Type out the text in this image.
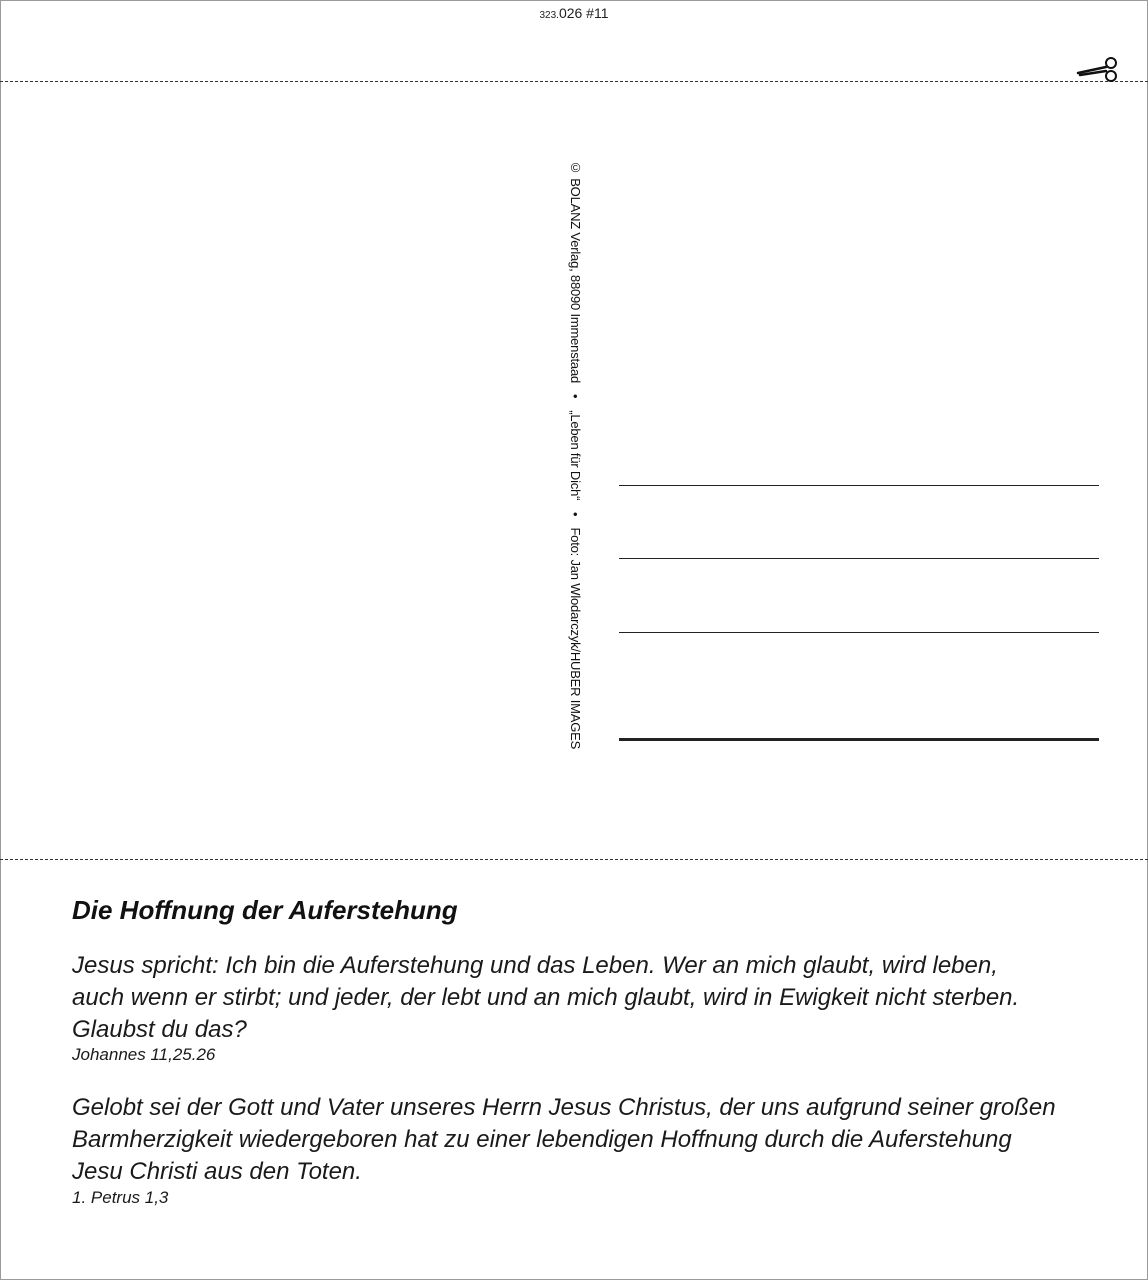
323.026 #11
© BOLANZ Verlag, 88090 Immenstaad • „Leben für Dich“ • Foto: Jan Wlodarczyk/HUBER IMAGES
Die Hoffnung der Auferstehung
Jesus spricht: Ich bin die Auferstehung und das Leben. Wer an mich glaubt, wird leben,
auch wenn er stirbt; und jeder, der lebt und an mich glaubt, wird in Ewigkeit nicht sterben.
Glaubst du das?

Johannes 11,25.26

Gelobt sei der Gott und Vater unseres Herrn Jesus Christus, der uns aufgrund seiner großen
Barmherzigkeit wiedergeboren hat zu einer lebendigen Hoffnung durch die Auferstehung
Jesu Christi aus den Toten.

1. Petrus 1,3
